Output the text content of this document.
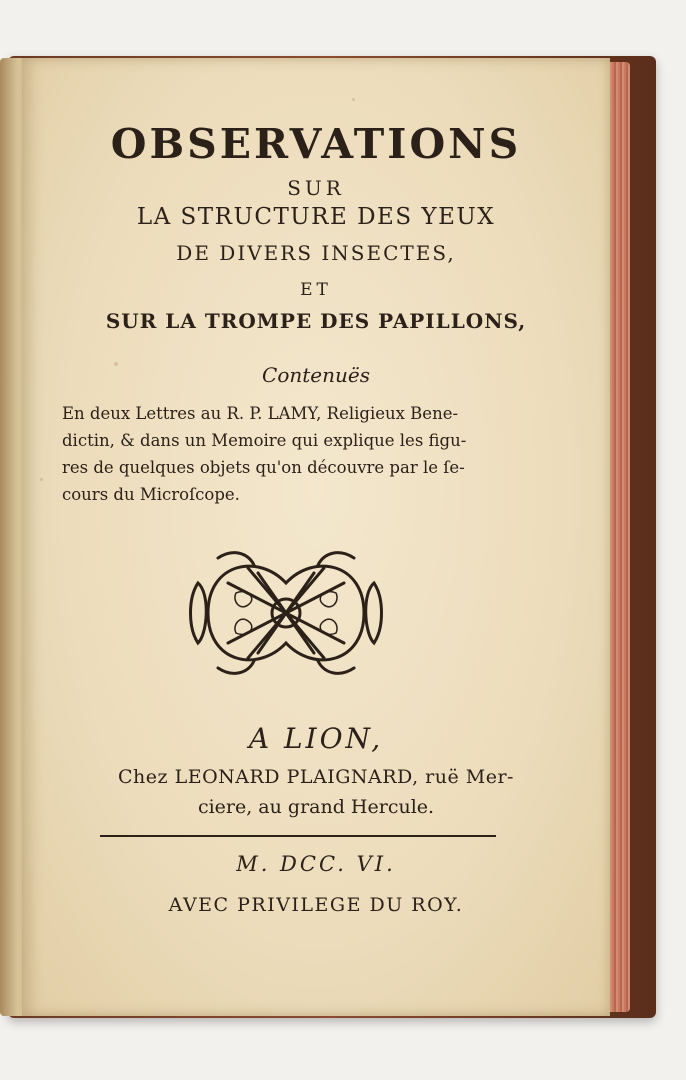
OBSERVATIONS
SUR
LA STRUCTURE DES YEUX
DE DIVERS INSECTES,
ET
SUR LA TROMPE DES PAPILLONS,
Contenuës
En deux Lettres au R. P. LAMY, Religieux Bene-
dictin, & dans un Memoire qui explique les figu-
res de quelques objets qu'on découvre par le ſe-
cours du Microſcope.
A LION,
Chez LEONARD PLAIGNARD, ruë Mer-
ciere, au grand Hercule.
M. DCC. VI.
AVEC PRIVILEGE DU ROY.
